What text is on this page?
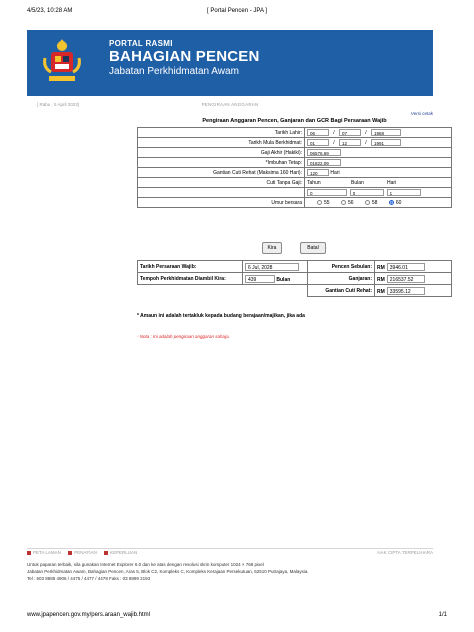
4/5/23, 10:28 AM	[ Portal Pencen - JPA ]
PORTAL RASMI
BAHAGIAN PENCEN
Jabatan Perkhidmatan Awam
[ Rabu , 5 April 2023]	PENGIRAAN ANGGARAN
Versi cetak
Pengiraan Anggaran Pencen, Ganjaran dan GCR Bagi Persaraan Wajib
Tarikh Lahir:	06 / 07 / 1968
Tarikh Mula Berkhidmat:	01 / 12 / 1991
Gaji Akhir (Hakiki):	06576.69
*Imbuhan Tetap:	01822.09
Gantian Cuti Rehat (Maksima 160 Hari):	120 Hari
Cuti Tanpa Gaji:	Tahun Bulan Hari
	0 0 1
Umur bersara	55 56 58 60
Kira	Batal
Tarikh Persaraan Wajib:	6 Jul, 2028	Pencen Sebulan:	RM 3946.01
Tempoh Perkhidmatan Diambil Kira:	439 Bulan	Ganjaran:	RM 216537.52
		Gantian Cuti Rehat:	RM 33595.12
* Amaun ini adalah tertakluk kepada budang berajaan/majikan, jika ada
- Nota : Ini adalah pengiraan anggaran sahaja.
PETA LAMAN	PENAFIAN	KEPERLUAN	HAK CIPTA TERPELIHARA
Untuk paparan terbaik, sila gunakan Internet Explorer 6.0 dan ke atas dengan resolusi skrin komputer 1024 × 768 pixel
Jabatan Perkhidmatan Awam, Bahagian Pencen, Aras 5, Blok C2, Kompleks C, Kompleks Kerajaan Persekutuan, 62510 Putrajaya, Malaysia.
Tel : 603 8885 4906 / 4475 / 4477 / 4478 Faks : 03 8889 2193
www.jpapencen.gov.my/pers.araan_wajib.html	1/1
